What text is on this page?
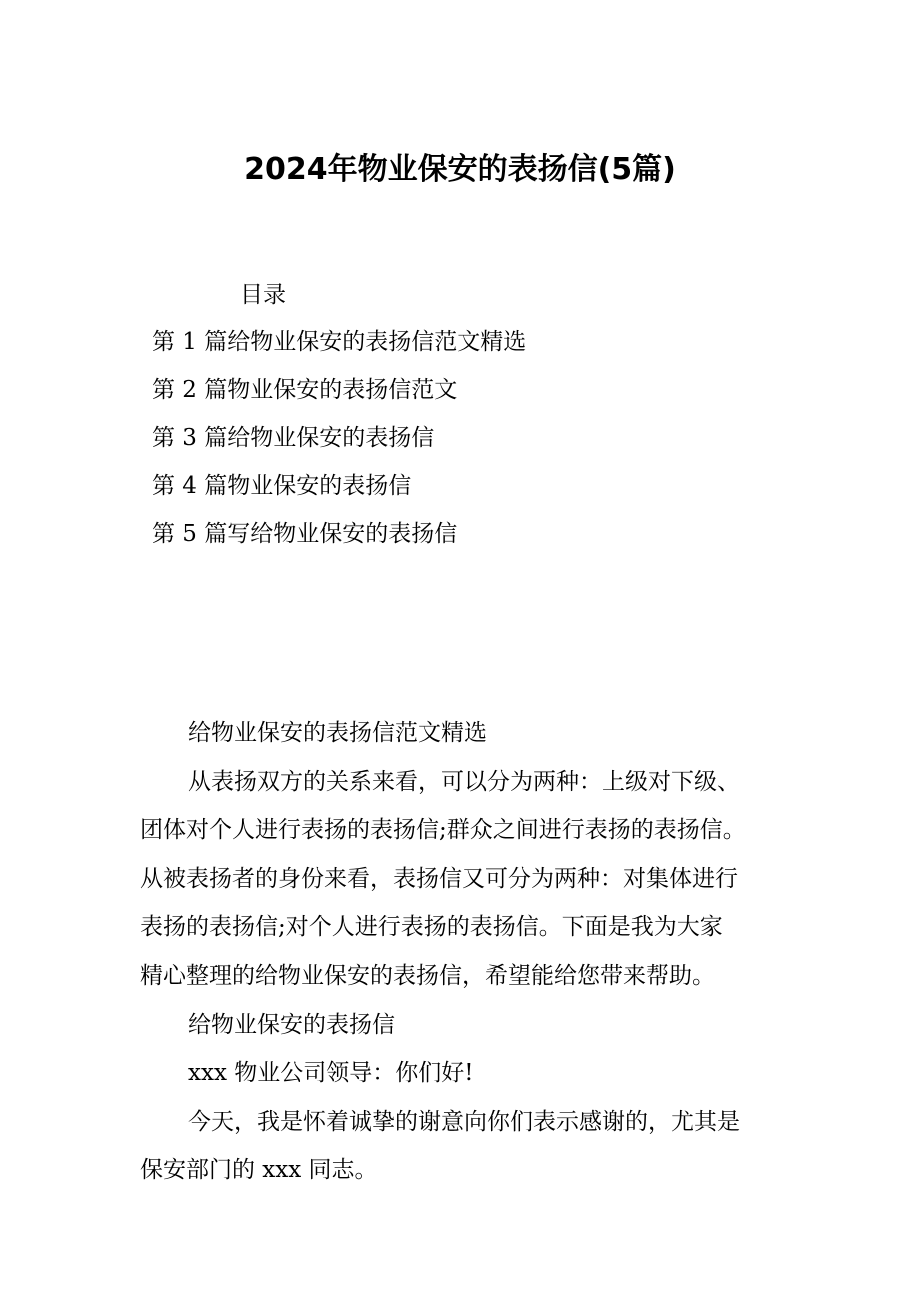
2024年物业保安的表扬信(5篇)
目录
第 1 篇给物业保安的表扬信范文精选
第 2 篇物业保安的表扬信范文
第 3 篇给物业保安的表扬信
第 4 篇物业保安的表扬信
第 5 篇写给物业保安的表扬信

给物业保安的表扬信范文精选

从表扬双方的关系来看，可以分为两种：上级对下级、
团体对个人进行表扬的表扬信;群众之间进行表扬的表扬信。
从被表扬者的身份来看，表扬信又可分为两种：对集体进行
表扬的表扬信;对个人进行表扬的表扬信。下面是我为大家
精心整理的给物业保安的表扬信，希望能给您带来帮助。

给物业保安的表扬信

xxx 物业公司领导：你们好!

今天，我是怀着诚挚的谢意向你们表示感谢的，尤其是
保安部门的 xxx 同志。
